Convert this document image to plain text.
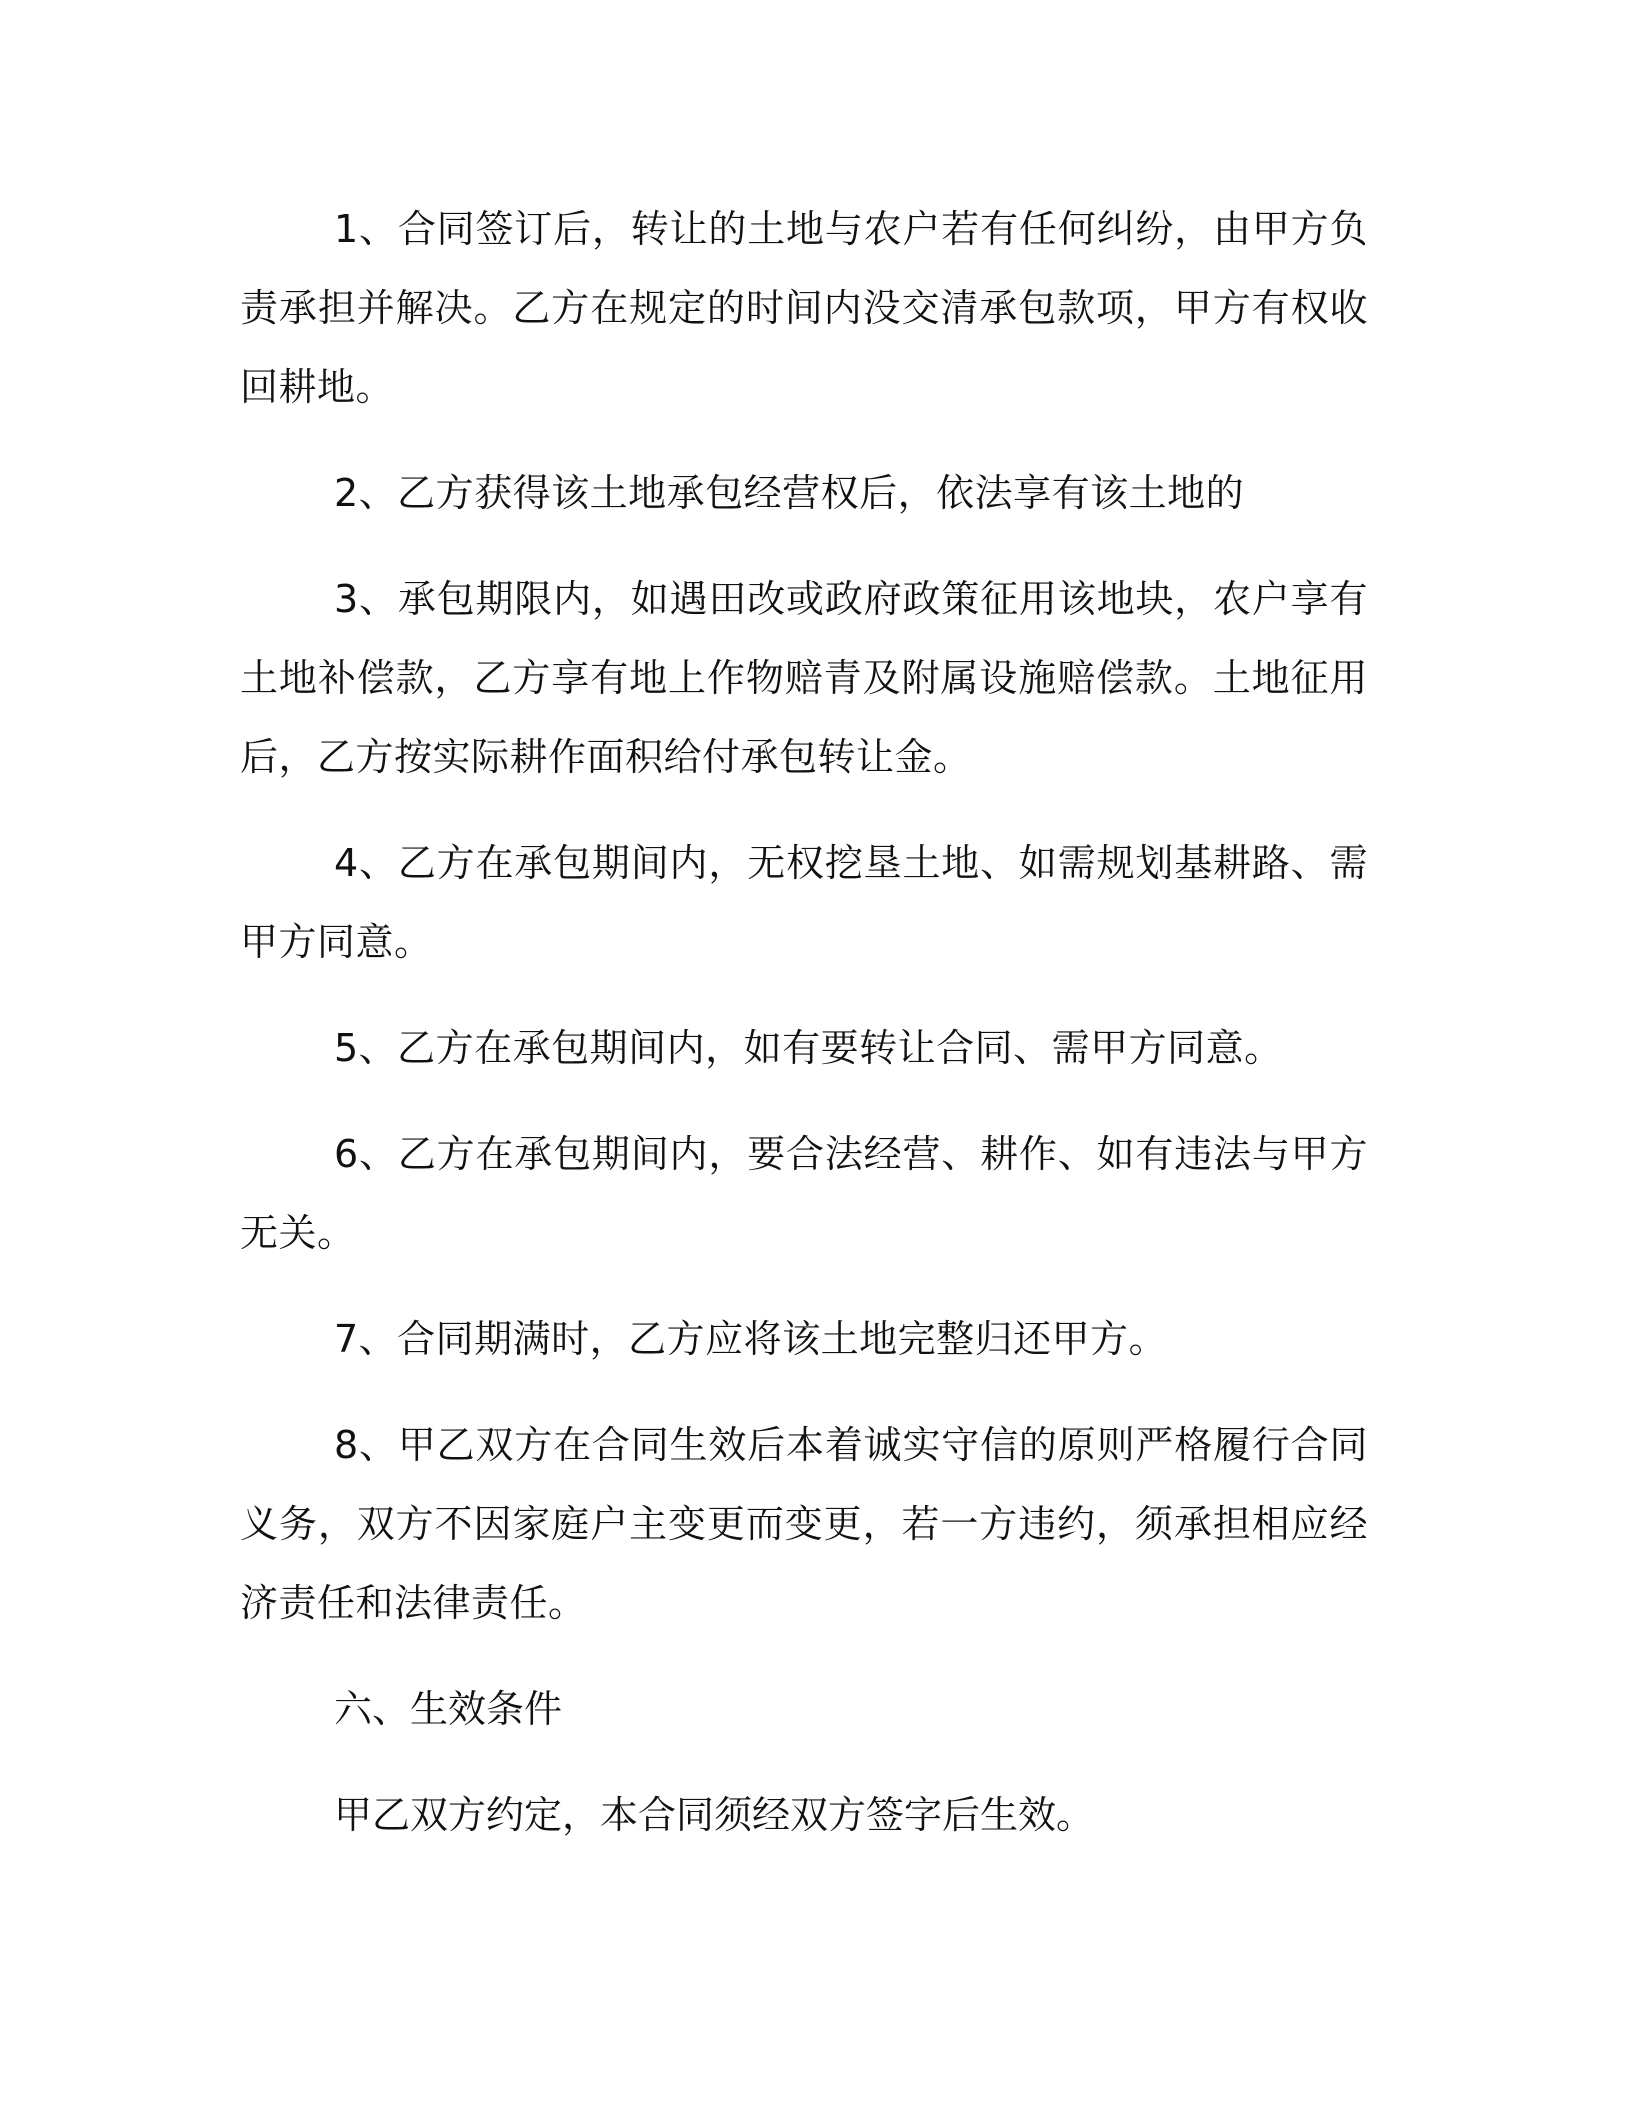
1、合同签订后，转让的土地与农户若有任何纠纷，由甲方负责承担并解决。乙方在规定的时间内没交清承包款项，甲方有权收回耕地。

2、乙方获得该土地承包经营权后，依法享有该土地的

3、承包期限内，如遇田改或政府政策征用该地块，农户享有土地补偿款，乙方享有地上作物赔青及附属设施赔偿款。土地征用后，乙方按实际耕作面积给付承包转让金。

4、乙方在承包期间内，无权挖垦土地、如需规划基耕路、需甲方同意。

5、乙方在承包期间内，如有要转让合同、需甲方同意。

6、乙方在承包期间内，要合法经营、耕作、如有违法与甲方无关。

7、合同期满时，乙方应将该土地完整归还甲方。

8、甲乙双方在合同生效后本着诚实守信的原则严格履行合同义务，双方不因家庭户主变更而变更，若一方违约，须承担相应经济责任和法律责任。

六、生效条件

甲乙双方约定，本合同须经双方签字后生效。
